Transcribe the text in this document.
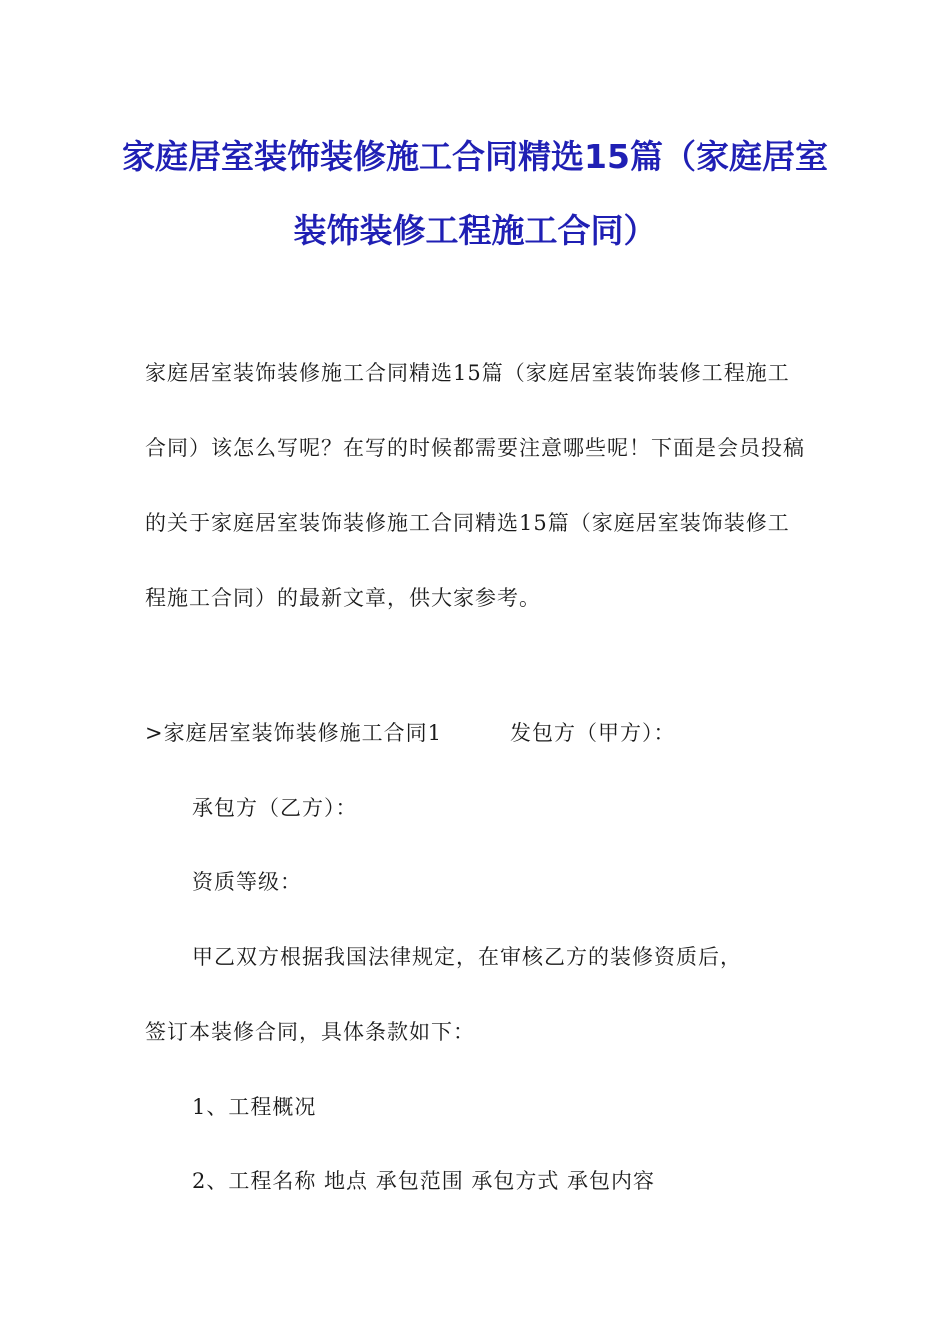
家庭居室装饰装修施工合同精选15篇（家庭居室装饰装修工程施工合同）

家庭居室装饰装修施工合同精选15篇（家庭居室装饰装修工程施工合同）该怎么写呢？在写的时候都需要注意哪些呢！下面是会员投稿的关于家庭居室装饰装修施工合同精选15篇（家庭居室装饰装修工程施工合同）的最新文章，供大家参考。

>家庭居室装饰装修施工合同1	发包方（甲方）：

承包方（乙方）：

资质等级：

甲乙双方根据我国法律规定，在审核乙方的装修资质后，

签订本装修合同，具体条款如下：

1、工程概况

2、工程名称 地点 承包范围 承包方式 承包内容
